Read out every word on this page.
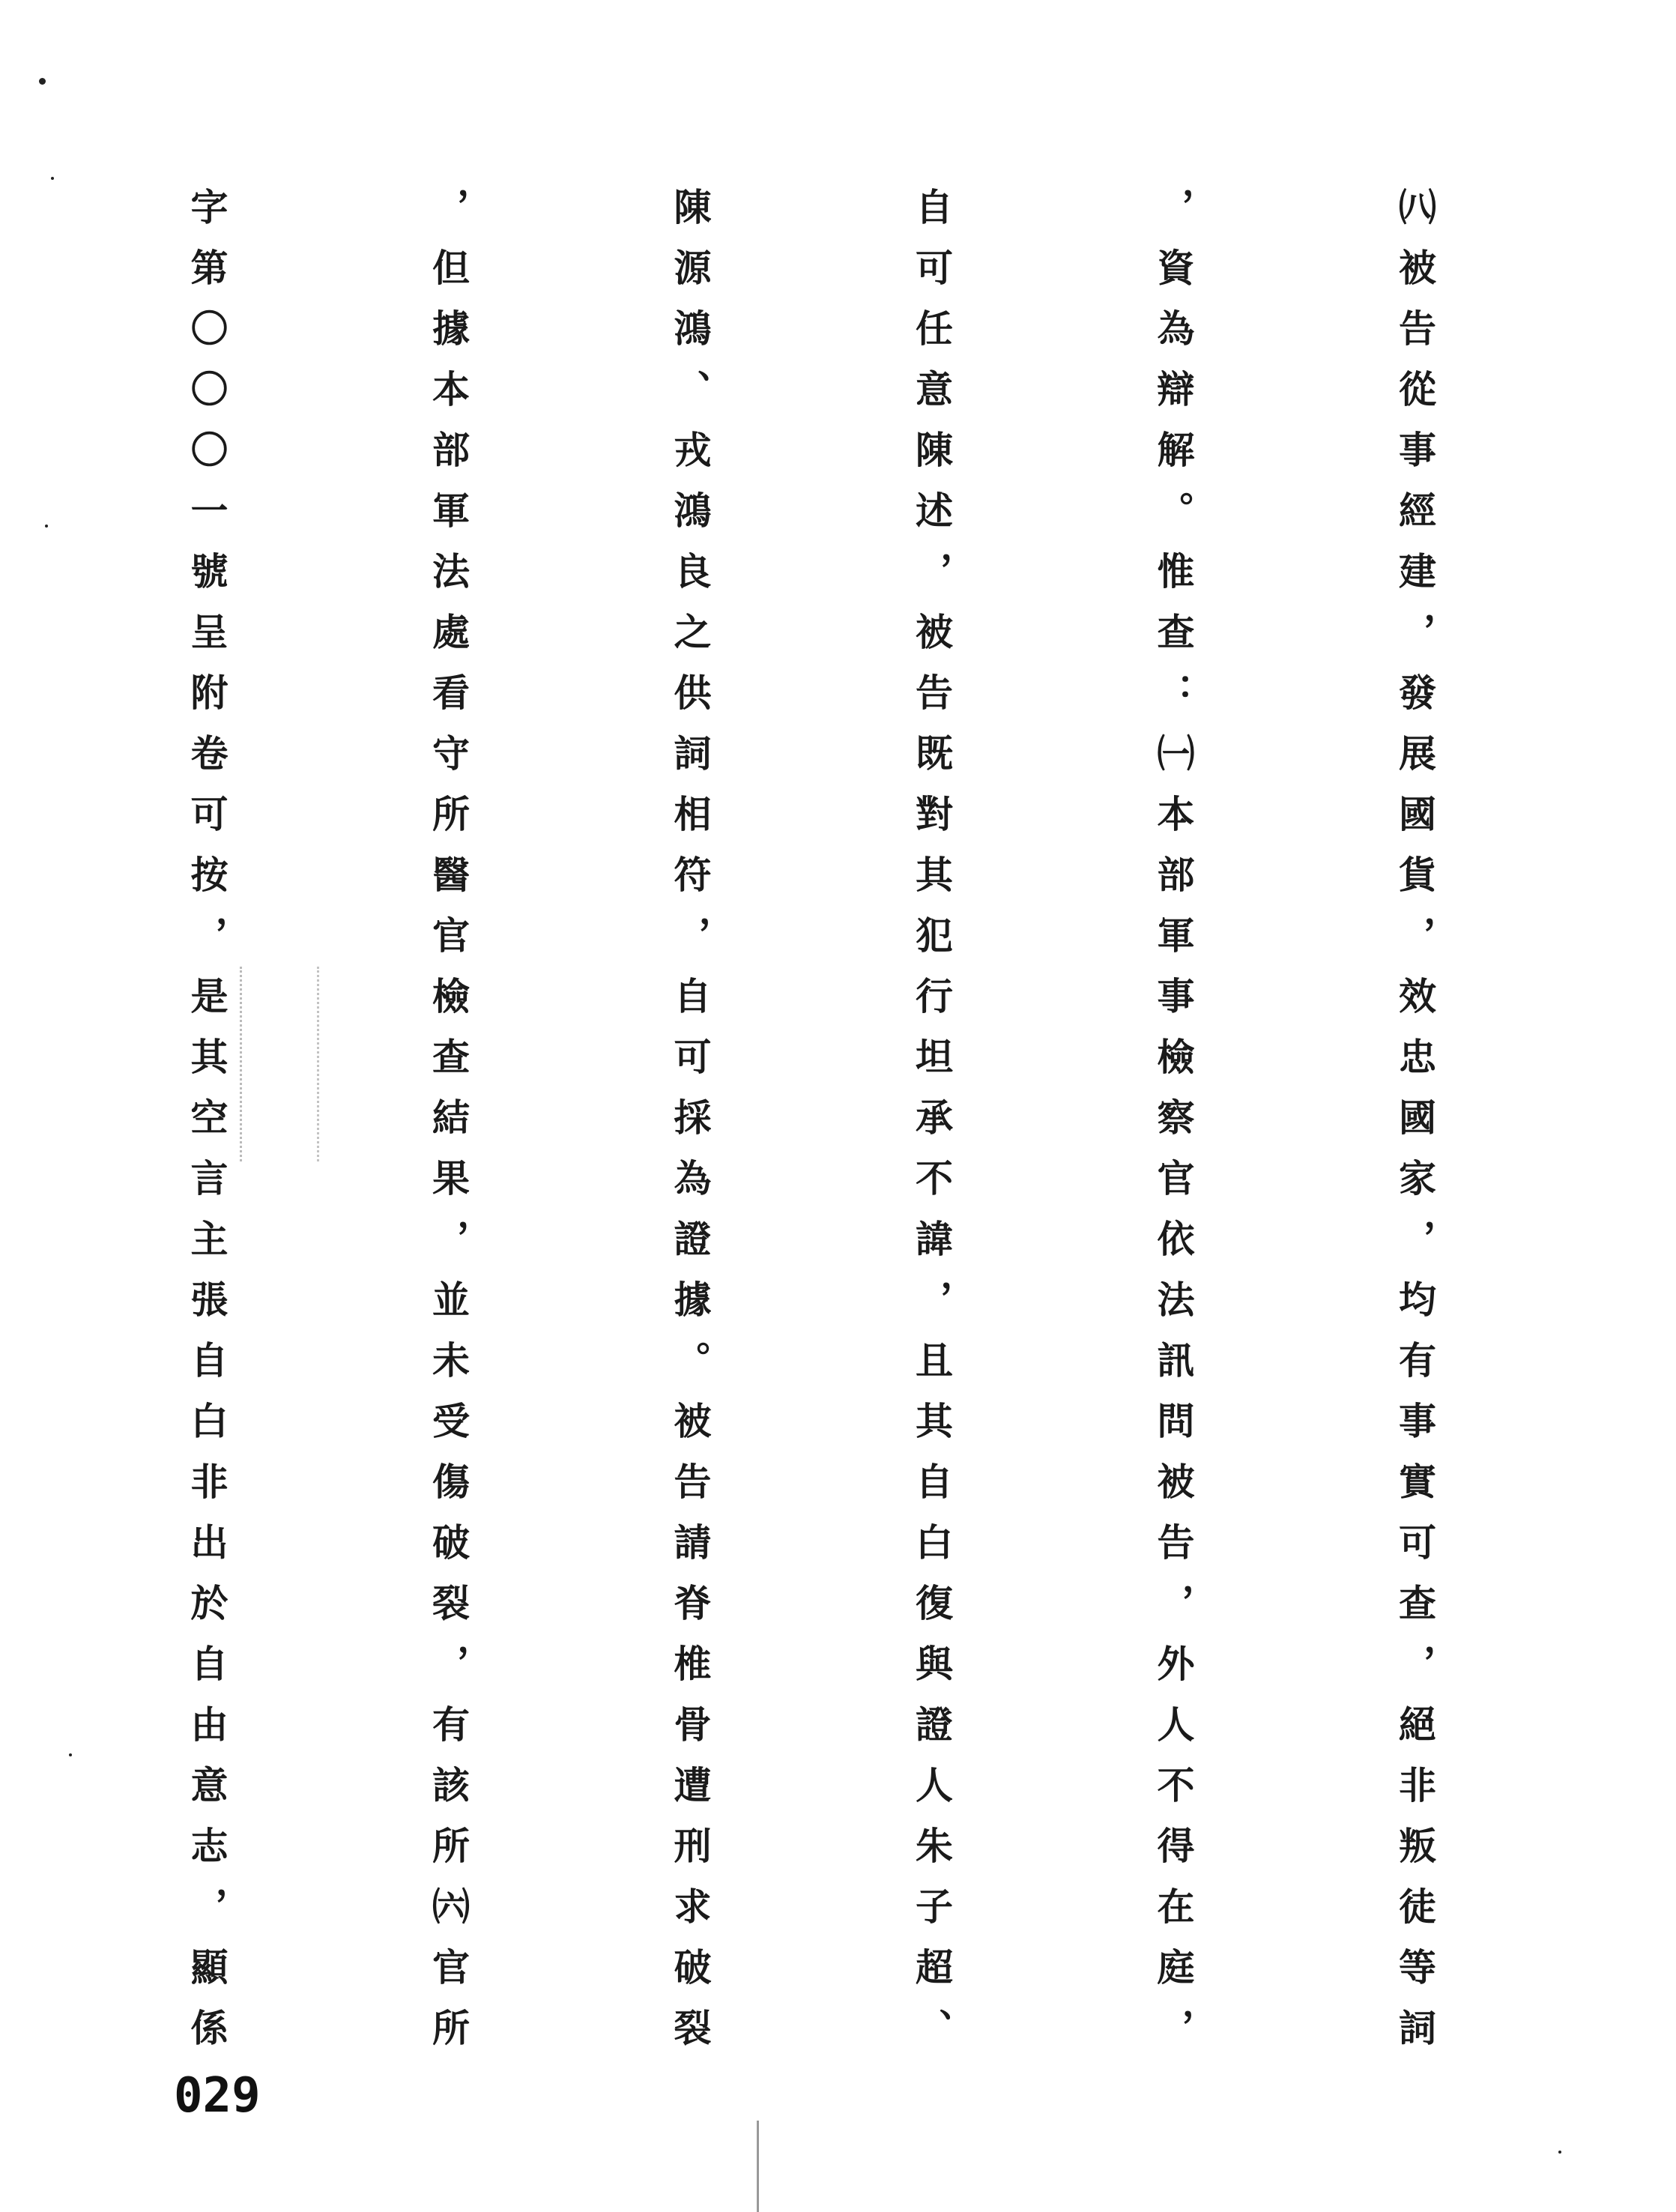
㈧被告從事經建，發展國貨，效忠國家，均有事實可查，絕非叛徒等詞

，資為辯解。惟查：㈠本部軍事檢察官依法訊問被告，外人不得在庭，

自可任意陳述，被告既對其犯行坦承不諱，且其自白復與證人朱子超、

陳源鴻、戎鴻良之供詞相符，自可採為證據。被告請脊椎骨遭刑求破裂

，但據本部軍法處看守所醫官檢查結果，並未受傷破裂，有該所㈥官所

字第〇〇〇一號呈附卷可按，是其空言主張自白非出於自由意志，顯係

029
